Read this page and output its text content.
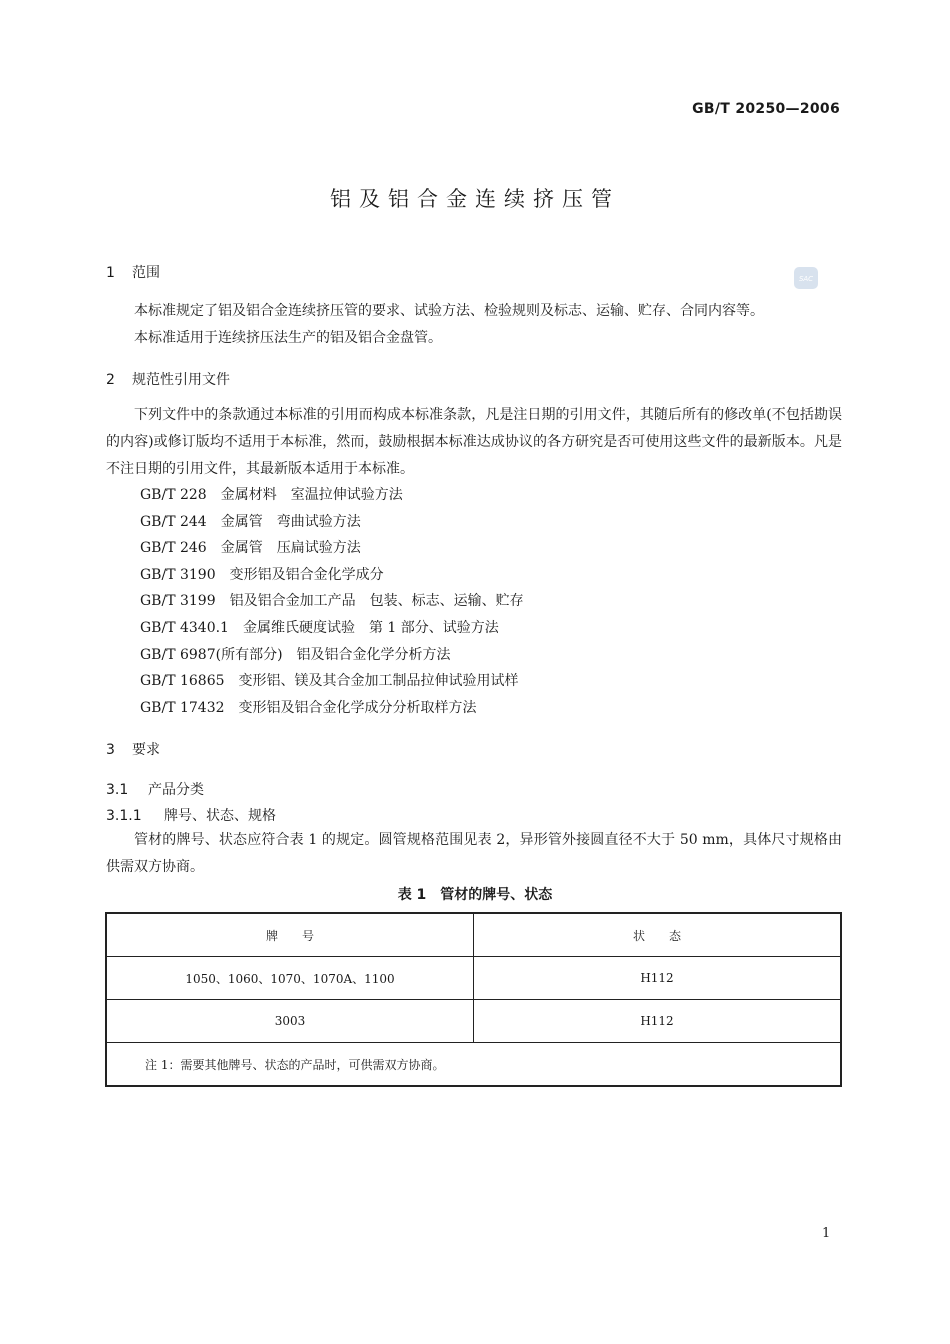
GB/T 20250—2006
铝及铝合金连续挤压管
SAC
1 范围
本标准规定了铝及铝合金连续挤压管的要求、试验方法、检验规则及标志、运输、贮存、合同内容等。
本标准适用于连续挤压法生产的铝及铝合金盘管。
2 规范性引用文件
下列文件中的条款通过本标准的引用而构成本标准条款，凡是注日期的引用文件，其随后所有的修改单(不包括勘误的内容)或修订版均不适用于本标准，然而，鼓励根据本标准达成协议的各方研究是否可使用这些文件的最新版本。凡是不注日期的引用文件，其最新版本适用于本标准。
GB/T 228　金属材料　室温拉伸试验方法
GB/T 244　金属管　弯曲试验方法
GB/T 246　金属管　压扁试验方法
GB/T 3190　变形铝及铝合金化学成分
GB/T 3199　铝及铝合金加工产品　包装、标志、运输、贮存
GB/T 4340.1　金属维氏硬度试验　第 1 部分、试验方法
GB/T 6987(所有部分)　铝及铝合金化学分析方法
GB/T 16865　变形铝、镁及其合金加工制品拉伸试验用试样
GB/T 17432　变形铝及铝合金化学成分分析取样方法
3 要求
3.1 产品分类
3.1.1 牌号、状态、规格
管材的牌号、状态应符合表 1 的规定。圆管规格范围见表 2，异形管外接圆直径不大于 50 mm，具体尺寸规格由供需双方协商。
表 1　管材的牌号、状态
牌　　号	状　　态
1050、1060、1070、1070A、1100	H112
3003	H112
注 1：需要其他牌号、状态的产品时，可供需双方协商。	
1
